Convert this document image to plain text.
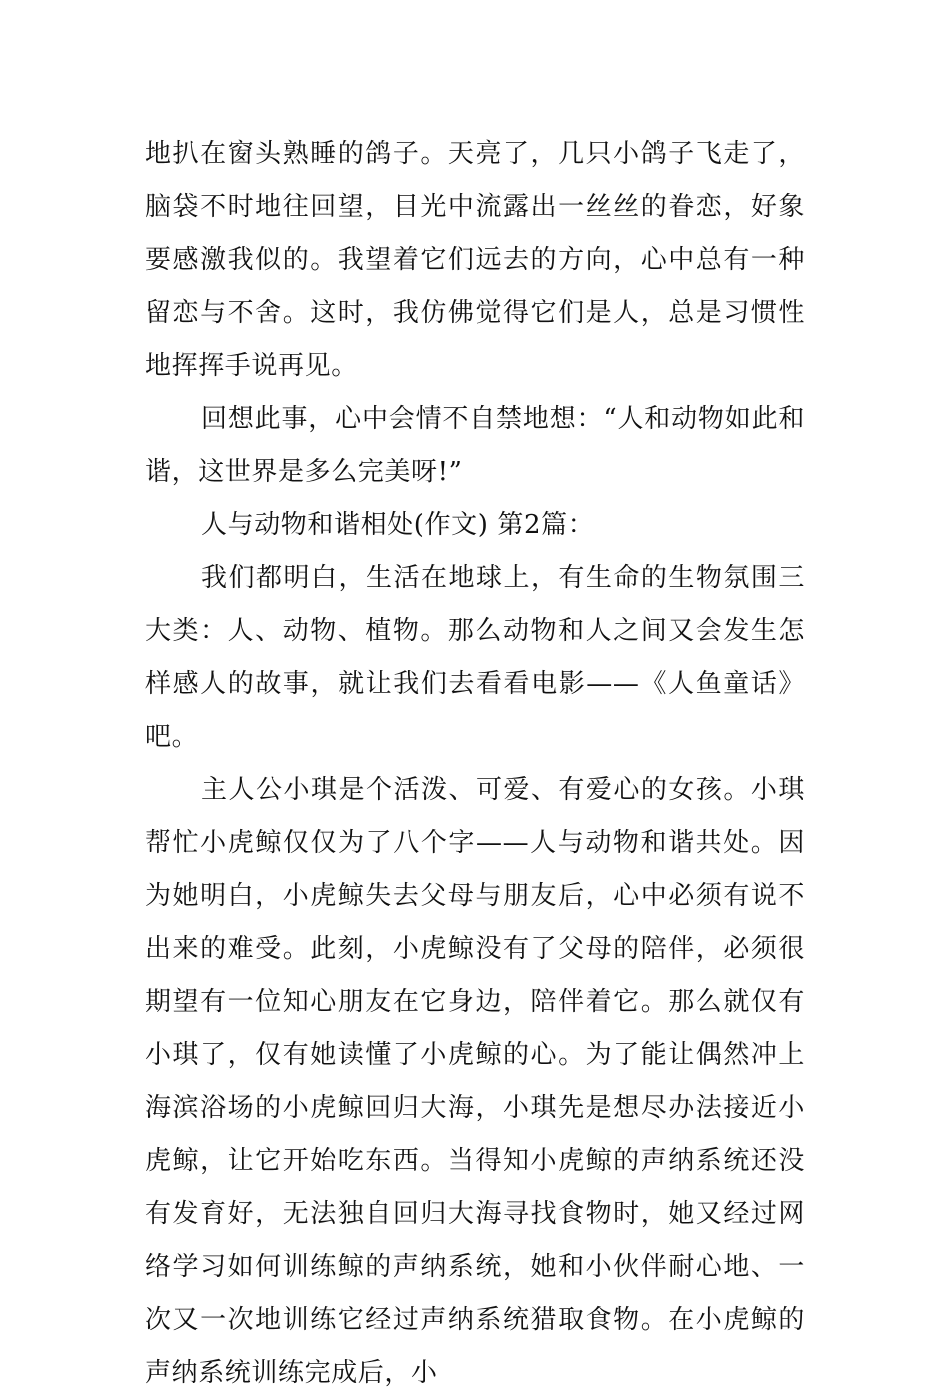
地扒在窗头熟睡的鸽子。天亮了，几只小鸽子飞走了，脑袋不时地往回望，目光中流露出一丝丝的眷恋，好象要感激我似的。我望着它们远去的方向，心中总有一种留恋与不舍。这时，我仿佛觉得它们是人，总是习惯性地挥挥手说再见。

回想此事，心中会情不自禁地想：“人和动物如此和谐，这世界是多么完美呀!”

人与动物和谐相处(作文) 第2篇：

我们都明白，生活在地球上，有生命的生物氛围三大类：人、动物、植物。那么动物和人之间又会发生怎样感人的故事，就让我们去看看电影——《人鱼童话》吧。

主人公小琪是个活泼、可爱、有爱心的女孩。小琪帮忙小虎鲸仅仅为了八个字——人与动物和谐共处。因为她明白，小虎鲸失去父母与朋友后，心中必须有说不出来的难受。此刻，小虎鲸没有了父母的陪伴，必须很期望有一位知心朋友在它身边，陪伴着它。那么就仅有小琪了，仅有她读懂了小虎鲸的心。为了能让偶然冲上海滨浴场的小虎鲸回归大海，小琪先是想尽办法接近小虎鲸，让它开始吃东西。当得知小虎鲸的声纳系统还没有发育好，无法独自回归大海寻找食物时，她又经过网络学习如何训练鲸的声纳系统，她和小伙伴耐心地、一次又一次地训练它经过声纳系统猎取食物。在小虎鲸的声纳系统训练完成后，小
